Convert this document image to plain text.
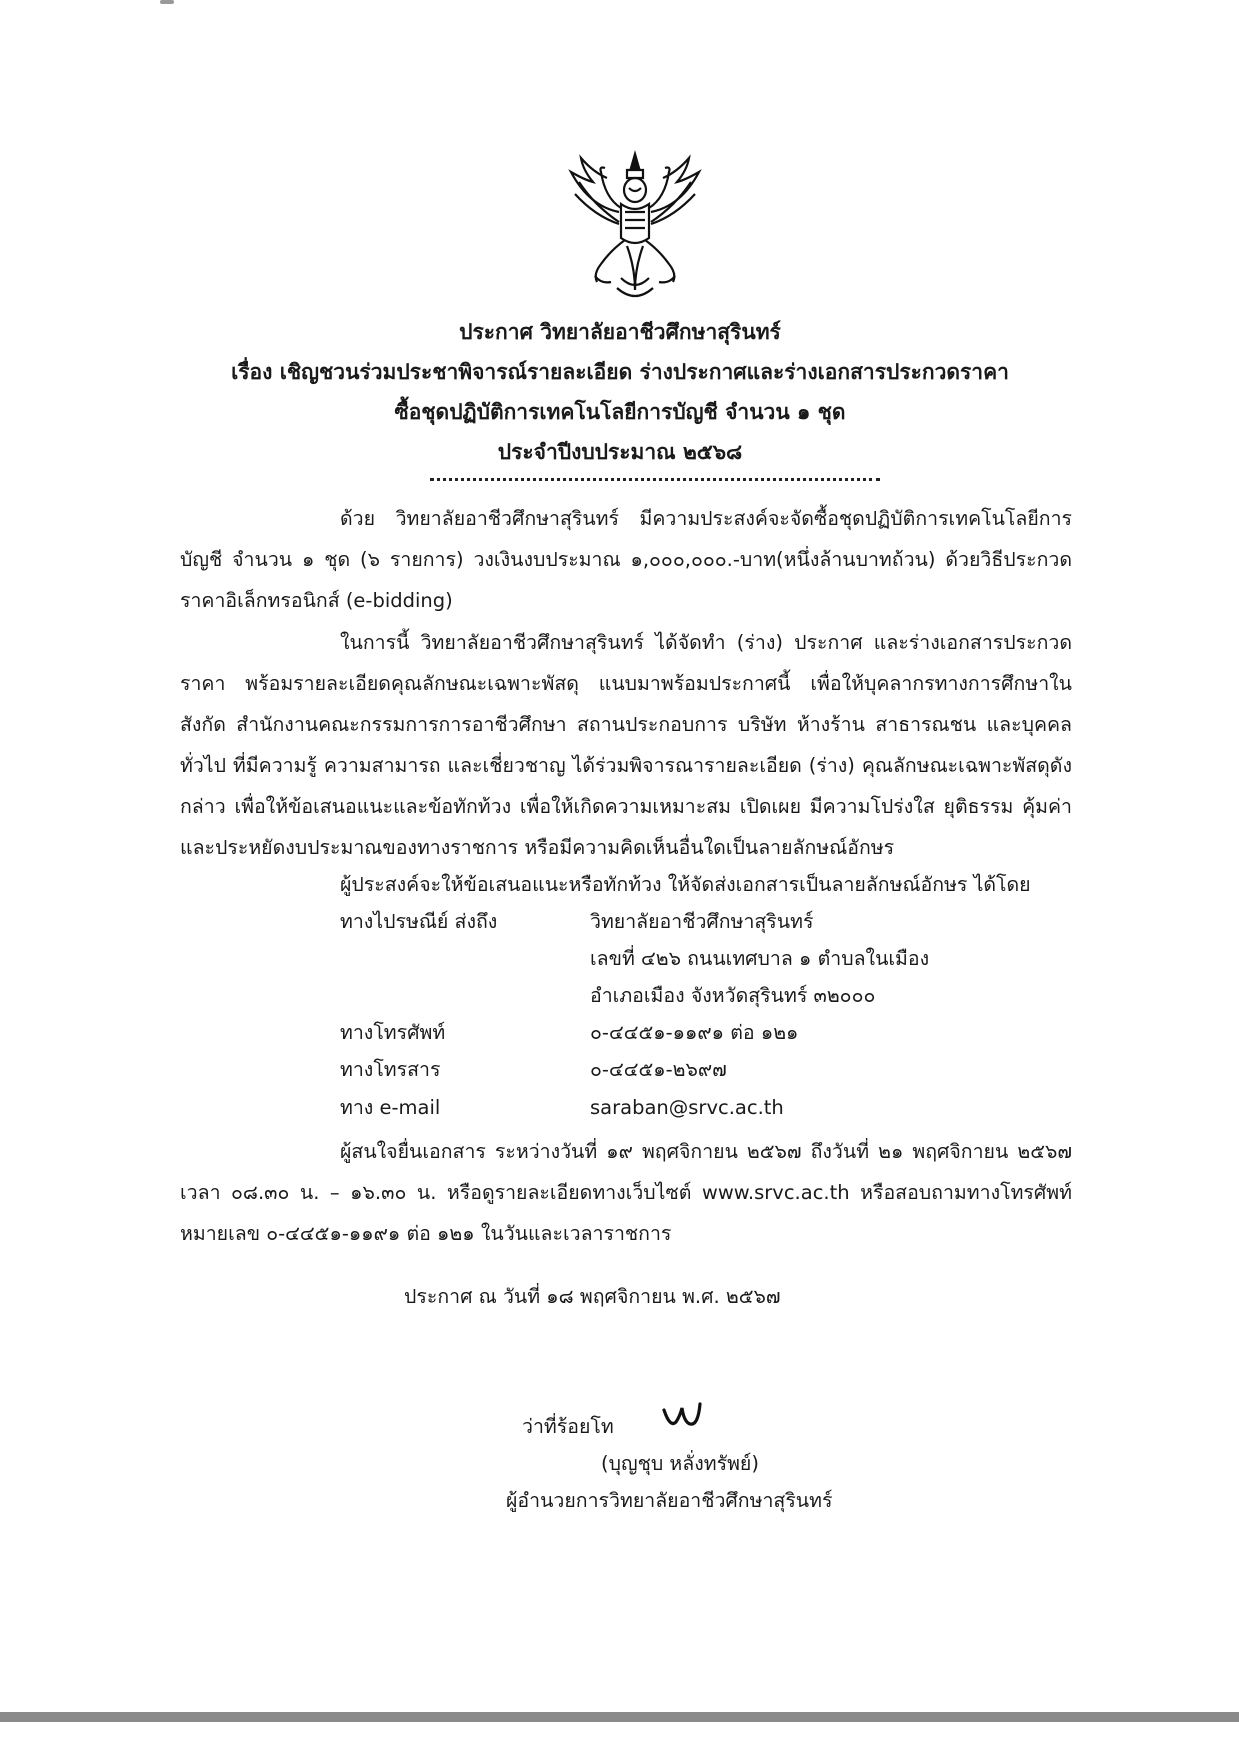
ประกาศ วิทยาลัยอาชีวศึกษาสุรินทร์
เรื่อง เชิญชวนร่วมประชาพิจารณ์รายละเอียด ร่างประกาศและร่างเอกสารประกวดราคา
ซื้อชุดปฏิบัติการเทคโนโลยีการบัญชี จำนวน ๑ ชุด
ประจำปีงบประมาณ ๒๕๖๘

ด้วย วิทยาลัยอาชีวศึกษาสุรินทร์ มีความประสงค์จะจัดซื้อชุดปฏิบัติการเทคโนโลยีการบัญชี จำนวน ๑ ชุด (๖ รายการ) วงเงินงบประมาณ ๑,๐๐๐,๐๐๐.-บาท(หนึ่งล้านบาทถ้วน) ด้วยวิธีประกวดราคาอิเล็กทรอนิกส์ (e-bidding)

ในการนี้ วิทยาลัยอาชีวศึกษาสุรินทร์ ได้จัดทำ (ร่าง) ประกาศ และร่างเอกสารประกวดราคา พร้อมรายละเอียดคุณลักษณะเฉพาะพัสดุ แนบมาพร้อมประกาศนี้ เพื่อให้บุคลากรทางการศึกษาในสังกัด สำนักงานคณะกรรมการการอาชีวศึกษา สถานประกอบการ บริษัท ห้างร้าน สาธารณชน และบุคคลทั่วไป ที่มีความรู้ ความสามารถ และเชี่ยวชาญ ได้ร่วมพิจารณารายละเอียด (ร่าง) คุณลักษณะเฉพาะพัสดุดังกล่าว เพื่อให้ข้อเสนอแนะและข้อทักท้วง เพื่อให้เกิดความเหมาะสม เปิดเผย มีความโปร่งใส ยุติธรรม คุ้มค่า และประหยัดงบประมาณของทางราชการ หรือมีความคิดเห็นอื่นใดเป็นลายลักษณ์อักษร

ผู้ประสงค์จะให้ข้อเสนอแนะหรือทักท้วง ให้จัดส่งเอกสารเป็นลายลักษณ์อักษร ได้โดย
ทางไปรษณีย์ ส่งถึง	วิทยาลัยอาชีวศึกษาสุรินทร์
เลขที่ ๔๒๖ ถนนเทศบาล ๑ ตำบลในเมือง
อำเภอเมือง จังหวัดสุรินทร์ ๓๒๐๐๐
ทางโทรศัพท์	๐-๔๔๕๑-๑๑๙๑ ต่อ ๑๒๑
ทางโทรสาร	๐-๔๔๕๑-๒๖๙๗
ทาง e-mail	saraban@srvc.ac.th

ผู้สนใจยื่นเอกสาร ระหว่างวันที่ ๑๙ พฤศจิกายน ๒๕๖๗ ถึงวันที่ ๒๑ พฤศจิกายน ๒๕๖๗ เวลา ๐๘.๓๐ น. – ๑๖.๓๐ น. หรือดูรายละเอียดทางเว็บไซต์ www.srvc.ac.th หรือสอบถามทางโทรศัพท์ หมายเลข ๐-๔๔๕๑-๑๑๙๑ ต่อ ๑๒๑ ในวันและเวลาราชการ

ประกาศ ณ วันที่ ๑๘ พฤศจิกายน พ.ศ. ๒๕๖๗
ว่าที่ร้อยโท
(บุญชุบ หลั่งทรัพย์)
ผู้อำนวยการวิทยาลัยอาชีวศึกษาสุรินทร์
